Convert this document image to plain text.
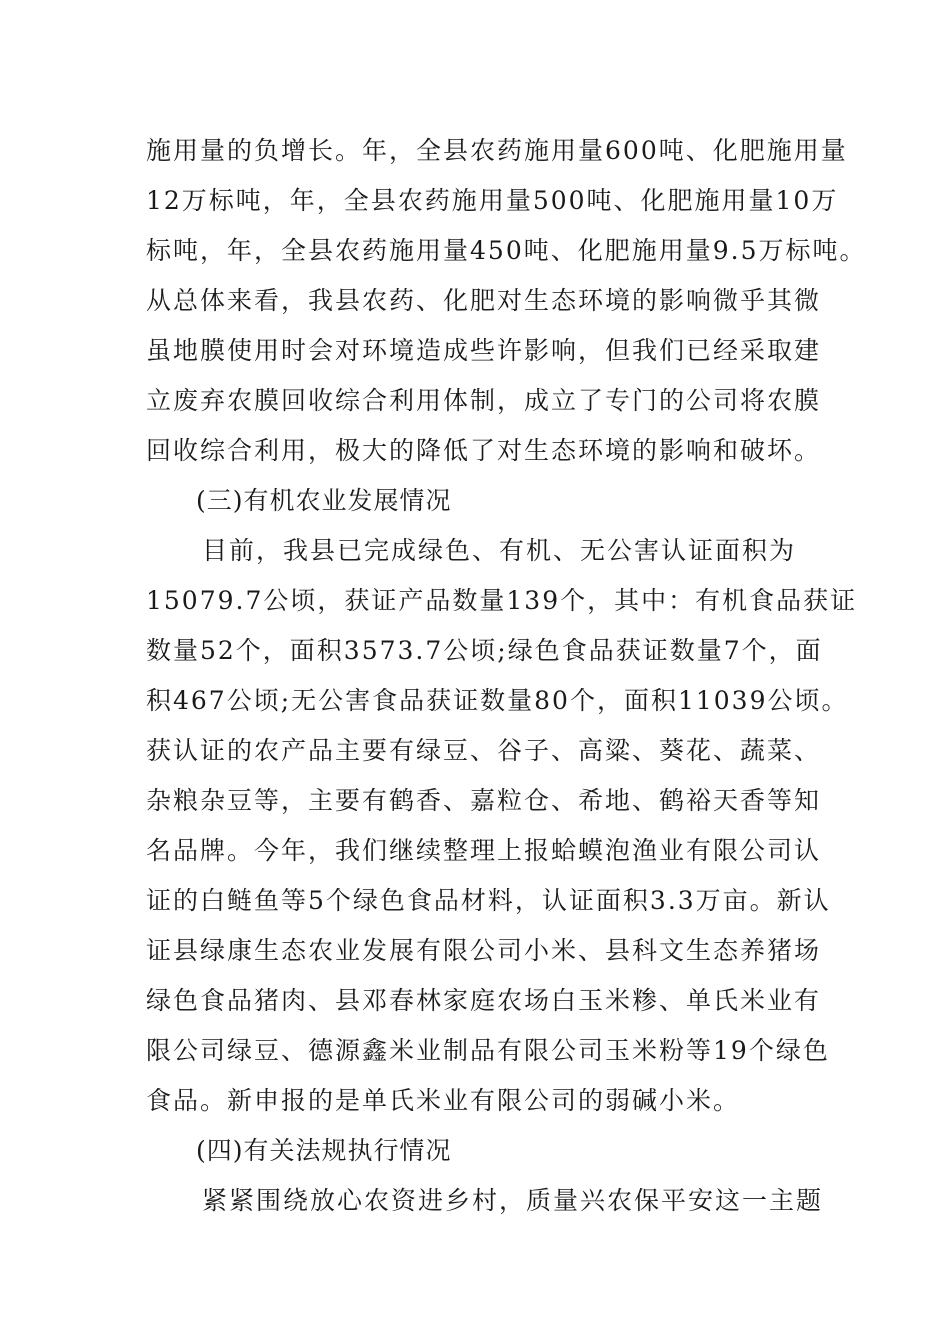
施用量的负增长。年，全县农药施用量600吨、化肥施用量
12万标吨，年，全县农药施用量500吨、化肥施用量10万
标吨，年，全县农药施用量450吨、化肥施用量9.5万标吨。
从总体来看，我县农药、化肥对生态环境的影响微乎其微
虽地膜使用时会对环境造成些许影响，但我们已经采取建
立废弃农膜回收综合利用体制，成立了专门的公司将农膜
回收综合利用，极大的降低了对生态环境的影响和破坏。
(三)有机农业发展情况
目前，我县已完成绿色、有机、无公害认证面积为
15079.7公顷，获证产品数量139个，其中：有机食品获证
数量52个，面积3573.7公顷;绿色食品获证数量7个，面
积467公顷;无公害食品获证数量80个，面积11039公顷。
获认证的农产品主要有绿豆、谷子、高粱、葵花、蔬菜、
杂粮杂豆等，主要有鹤香、嘉粒仓、希地、鹤裕天香等知
名品牌。今年，我们继续整理上报蛤蟆泡渔业有限公司认
证的白鲢鱼等5个绿色食品材料，认证面积3.3万亩。新认
证县绿康生态农业发展有限公司小米、县科文生态养猪场
绿色食品猪肉、县邓春林家庭农场白玉米糁、单氏米业有
限公司绿豆、德源鑫米业制品有限公司玉米粉等19个绿色
食品。新申报的是单氏米业有限公司的弱碱小米。
(四)有关法规执行情况
紧紧围绕放心农资进乡村，质量兴农保平安这一主题
